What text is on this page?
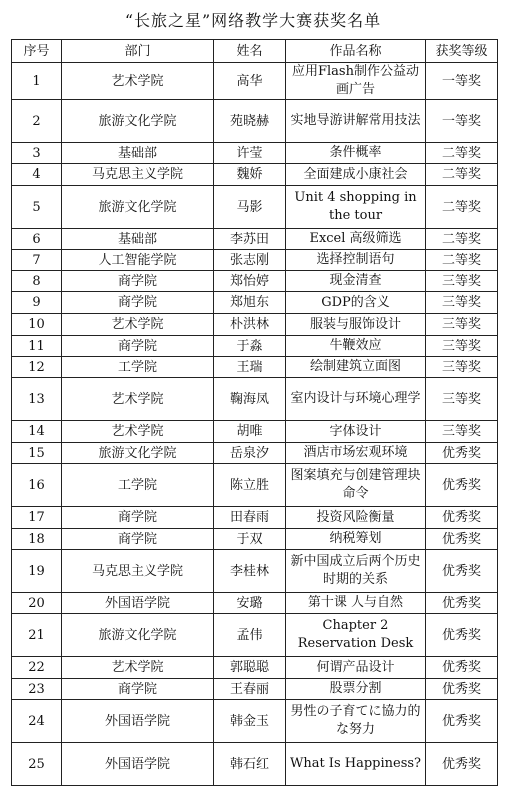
“长旅之星”网络教学大赛获奖名单
序号	部门	姓名	作品名称	获奖等级
1	艺术学院	高华	应用Flash制作公益动画广告	一等奖
2	旅游文化学院	苑晓赫	实地导游讲解常用技法	一等奖
3	基础部	许莹	条件概率	二等奖
4	马克思主义学院	魏娇	全面建成小康社会	二等奖
5	旅游文化学院	马影	Unit 4 shopping in the tour	二等奖
6	基础部	李苏田	Excel 高级筛选	二等奖
7	人工智能学院	张志刚	选择控制语句	二等奖
8	商学院	郑怡婷	现金清查	三等奖
9	商学院	郑旭东	GDP的含义	三等奖
10	艺术学院	朴洪林	服装与服饰设计	三等奖
11	商学院	于淼	牛鞭效应	三等奖
12	工学院	王瑞	绘制建筑立面图	三等奖
13	艺术学院	鞠海凤	室内设计与环境心理学	三等奖
14	艺术学院	胡唯	字体设计	三等奖
15	旅游文化学院	岳泉汐	酒店市场宏观环境	优秀奖
16	工学院	陈立胜	图案填充与创建管理块命令	优秀奖
17	商学院	田春雨	投资风险衡量	优秀奖
18	商学院	于双	纳税筹划	优秀奖
19	马克思主义学院	李桂林	新中国成立后两个历史时期的关系	优秀奖
20	外国语学院	安璐	第十课 人与自然	优秀奖
21	旅游文化学院	孟伟	Chapter 2 Reservation Desk	优秀奖
22	艺术学院	郭聪聪	何谓产品设计	优秀奖
23	商学院	王春丽	股票分割	优秀奖
24	外国语学院	韩金玉	男性の子育てに協力的な努力	优秀奖
25	外国语学院	韩石红	What Is Happiness?	优秀奖
